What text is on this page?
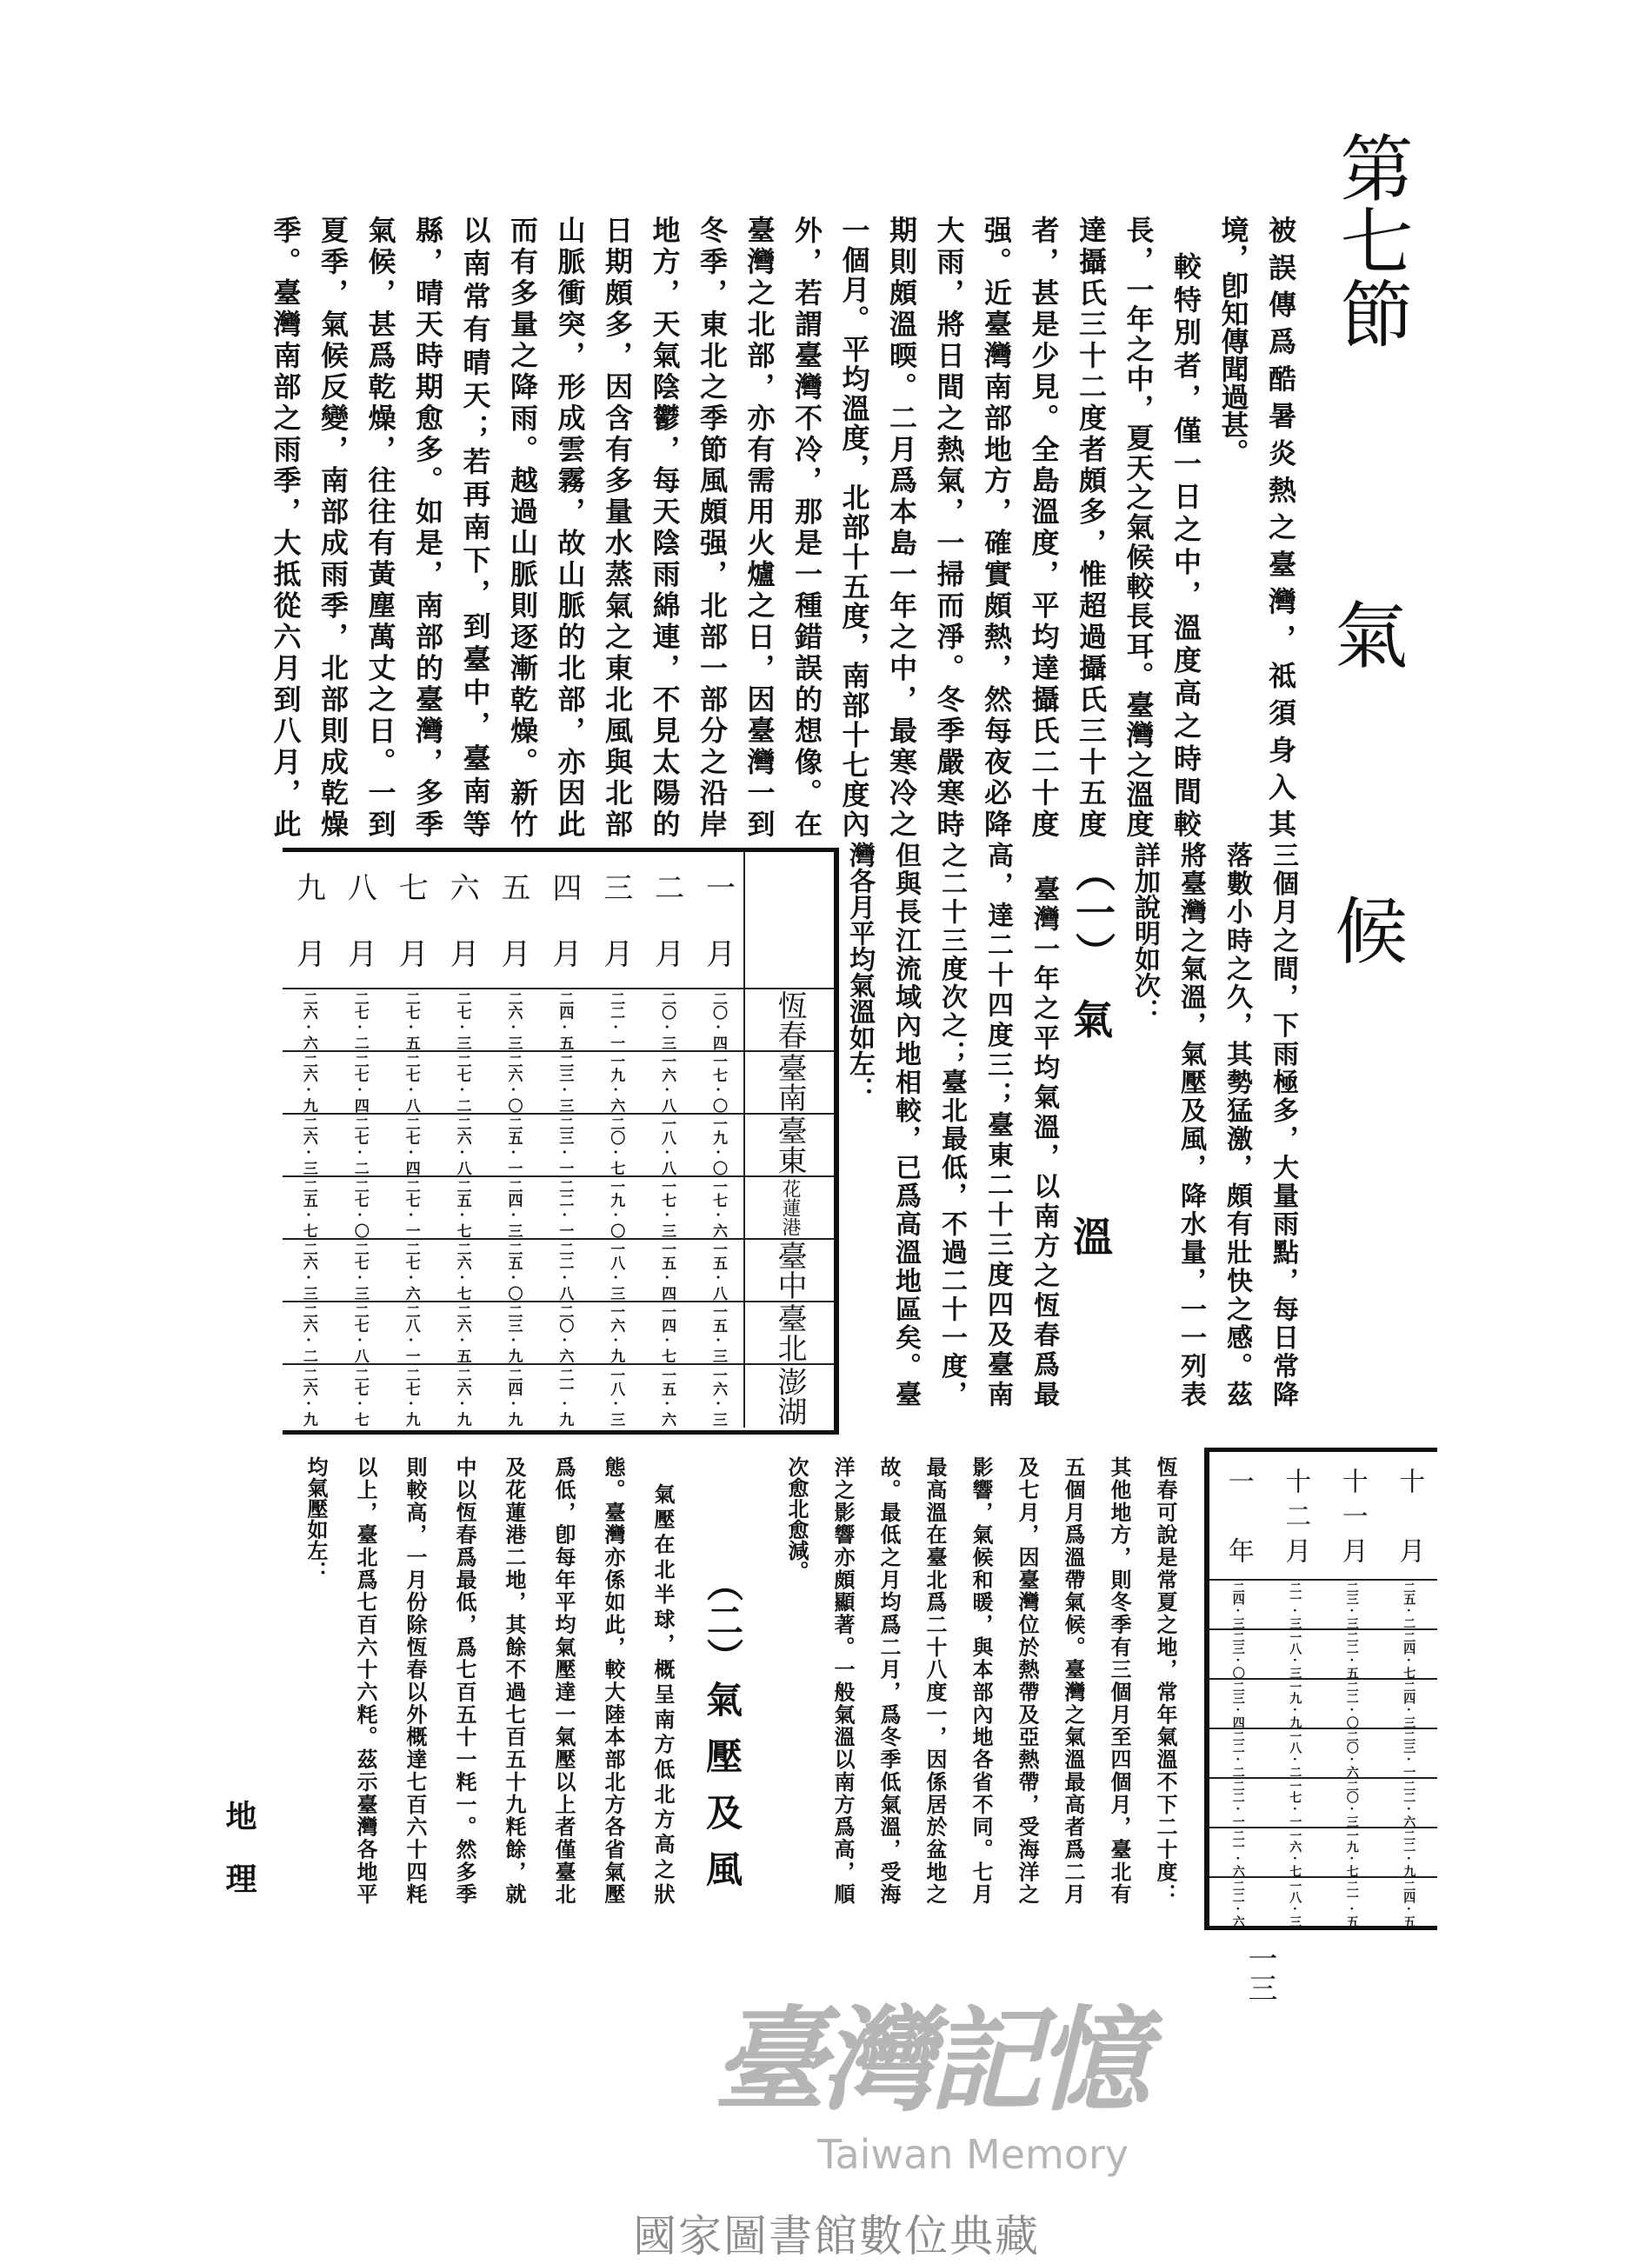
第七節
氣
候
被誤傳爲酷暑炎熱之臺灣，祗須身入其
境，卽知傳聞過甚。
較特別者，僅一日之中，溫度高之時間較
長，一年之中，夏天之氣候較長耳。臺灣之溫度
達攝氏三十二度者頗多，惟超過攝氏三十五度
者，甚是少見。全島溫度，平均達攝氏二十度
强。近臺灣南部地方，確實頗熱，然每夜必降
大雨，將日間之熱氣，一掃而淨。冬季嚴寒時
期則頗溫㬉。二月爲本島一年之中，最寒冷之
一個月。平均溫度，北部十五度，南部十七度內
外，若謂臺灣不冷，那是一種錯誤的想像。在
臺灣之北部，亦有需用火爐之日，因臺灣一到
冬季，東北之季節風頗强，北部一部分之沿岸
地方，天氣陰鬱，每天陰雨綿連，不見太陽的
日期頗多，因含有多量水蒸氣之東北風與北部
山脈衝突，形成雲霧，故山脈的北部，亦因此
而有多量之降雨。越過山脈則逐漸乾燥。新竹
以南常有晴天；若再南下，到臺中，臺南等
縣，晴天時期愈多。如是，南部的臺灣，多季
氣候，甚爲乾燥，往往有黃塵萬丈之日。一到
夏季，氣候反變，南部成雨季，北部則成乾燥
季。臺灣南部之雨季，大抵從六月到八月，此
三個月之間，下雨極多，大量雨點，每日常降
落數小時之久，其勢猛激，頗有壯快之感。茲
將臺灣之氣溫，氣壓及風，降水量，一一列表
詳加說明如次：
（一）
氣
溫
臺灣一年之平均氣溫，以南方之恆春爲最
高，達二十四度三；臺東二十三度四及臺南
之二十三度次之；臺北最低，不過二十一度，
但與長江流域內地相較，已爲高溫地區矣。臺
灣各月平均氣溫如左：
一月
二月
三月
四月
五月
六月
七月
八月
九月
恆春
二〇·四
二〇·三
二二·一
二四·五
二六·三
二七·三
二七·五
二七·二
二六·六
臺南
一七·〇
一六·八
一九·六
二三·三
二六·〇
二七·二
二七·八
二七·四
二六·九
臺東
一九·〇
一八·八
二〇·七
二三·一
二五·一
二六·八
二七·四
二七·二
二六·三
花蓮港
一七·六
一七·三
一九·〇
二二·一
二四·三
二五·七
二七·一
二七·〇
二五·七
臺中
一五·八
一五·四
一八·三
二二·八
二五·〇
二六·七
二七·六
二七·三
二六·三
臺北
一五·三
一四·七
一六·九
二〇·六
二三·九
二六·五
二八·一
二七·八
二六·二
澎湖
一六·三
一五·六
一八·三
二一·九
二四·九
二六·九
二七·九
二七·七
二六·九
十月
十一月
十二月
一年
二五·二
二三·三
二一·三
二四·三
二四·七
二二·五
一八·三
二三·〇
二四·三
二二·〇
一九·九
二三·四
二三·一
二〇·六
一八·二
二二·二
二二·六
二〇·三
一七·一
二二·一
二二·九
一九·七
一六·七
二一·六
二四·五
二一·五
一八·三
二二·六
恆春可說是常夏之地，常年氣溫不下二十度：
其他地方，則冬季有三個月至四個月，臺北有
五個月爲溫帶氣候。臺灣之氣溫最高者爲二月
及七月，因臺灣位於熱帶及亞熱帶，受海洋之
影響，氣候和暖，與本部內地各省不同。七月
最高溫在臺北爲二十八度一，因係居於盆地之
故。最低之月均爲二月，爲冬季低氣溫，受海
洋之影響亦頗顯著。一般氣溫以南方爲高，順
次愈北愈減。
（二）
氣
壓
及
風
氣壓在北半球，概呈南方低北方高之狀
態。臺灣亦係如此，較大陸本部北方各省氣壓
爲低，卽每年平均氣壓達一氣壓以上者僅臺北
及花蓮港二地，其餘不過七百五十九粍餘，就
中以恆春爲最低，爲七百五十一粍一。然多季
則較高，一月份除恆春以外概達七百六十四粍
以上，臺北爲七百六十六粍。茲示臺灣各地平
均氣壓如左：
地　理
一三
臺灣記憶
Taiwan Memory
國家圖書館數位典藏
